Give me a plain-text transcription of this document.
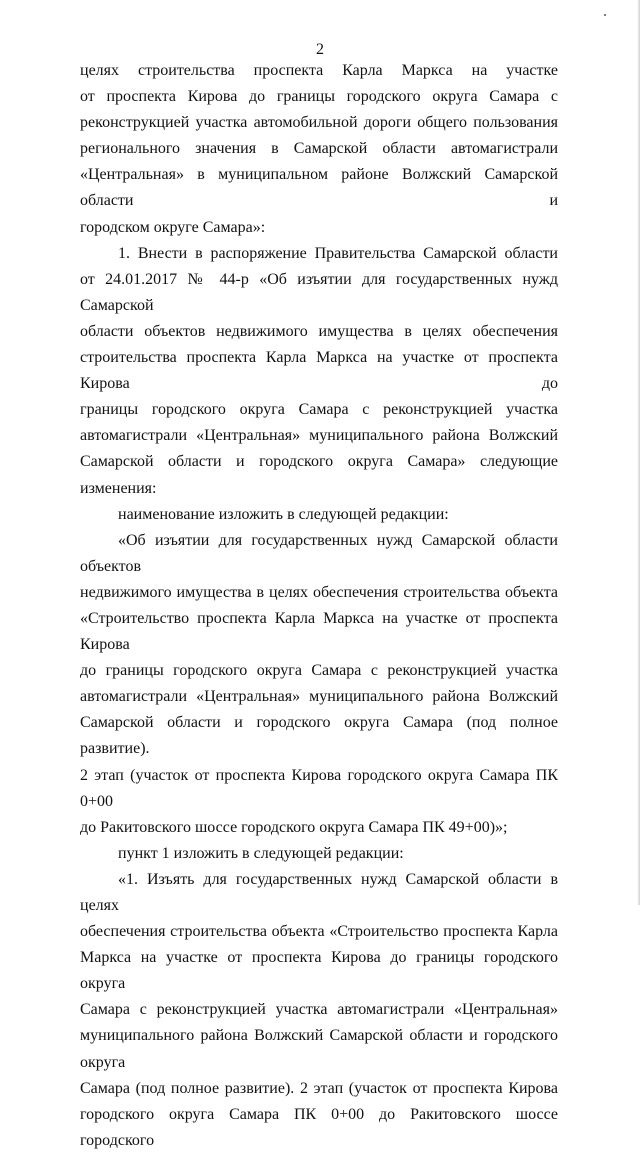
2

целях строительства проспекта Карла Маркса на участке

от проспекта Кирова до границы городского округа Самара с

реконструкцией участка автомобильной дороги общего пользования

регионального значения в Самарской области автомагистрали

«Центральная» в муниципальном районе Волжский Самарской области и

городском округе Самара»:

1. Внести в распоряжение Правительства Самарской области

от 24.01.2017 № 44-р «Об изъятии для государственных нужд Самарской

области объектов недвижимого имущества в целях обеспечения

строительства проспекта Карла Маркса на участке от проспекта Кирова до

границы городского округа Самара с реконструкцией участка

автомагистрали «Центральная» муниципального района Волжский

Самарской области и городского округа Самара» следующие изменения:

наименование изложить в следующей редакции:

«Об изъятии для государственных нужд Самарской области объектов

недвижимого имущества в целях обеспечения строительства объекта

«Строительство проспекта Карла Маркса на участке от проспекта Кирова

до границы городского округа Самара с реконструкцией участка

автомагистрали «Центральная» муниципального района Волжский

Самарской области и городского округа Самара (под полное развитие).

2 этап (участок от проспекта Кирова городского округа Самара ПК 0+00

до Ракитовского шоссе городского округа Самара ПК 49+00)»;

пункт 1 изложить в следующей редакции:

«1. Изъять для государственных нужд Самарской области в целях

обеспечения строительства объекта «Строительство проспекта Карла

Маркса на участке от проспекта Кирова до границы городского округа

Самара с реконструкцией участка автомагистрали «Центральная»

муниципального района Волжский Самарской области и городского округа

Самара (под полное развитие). 2 этап (участок от проспекта Кирова

городского округа Самара ПК 0+00 до Ракитовского шоссе городского
